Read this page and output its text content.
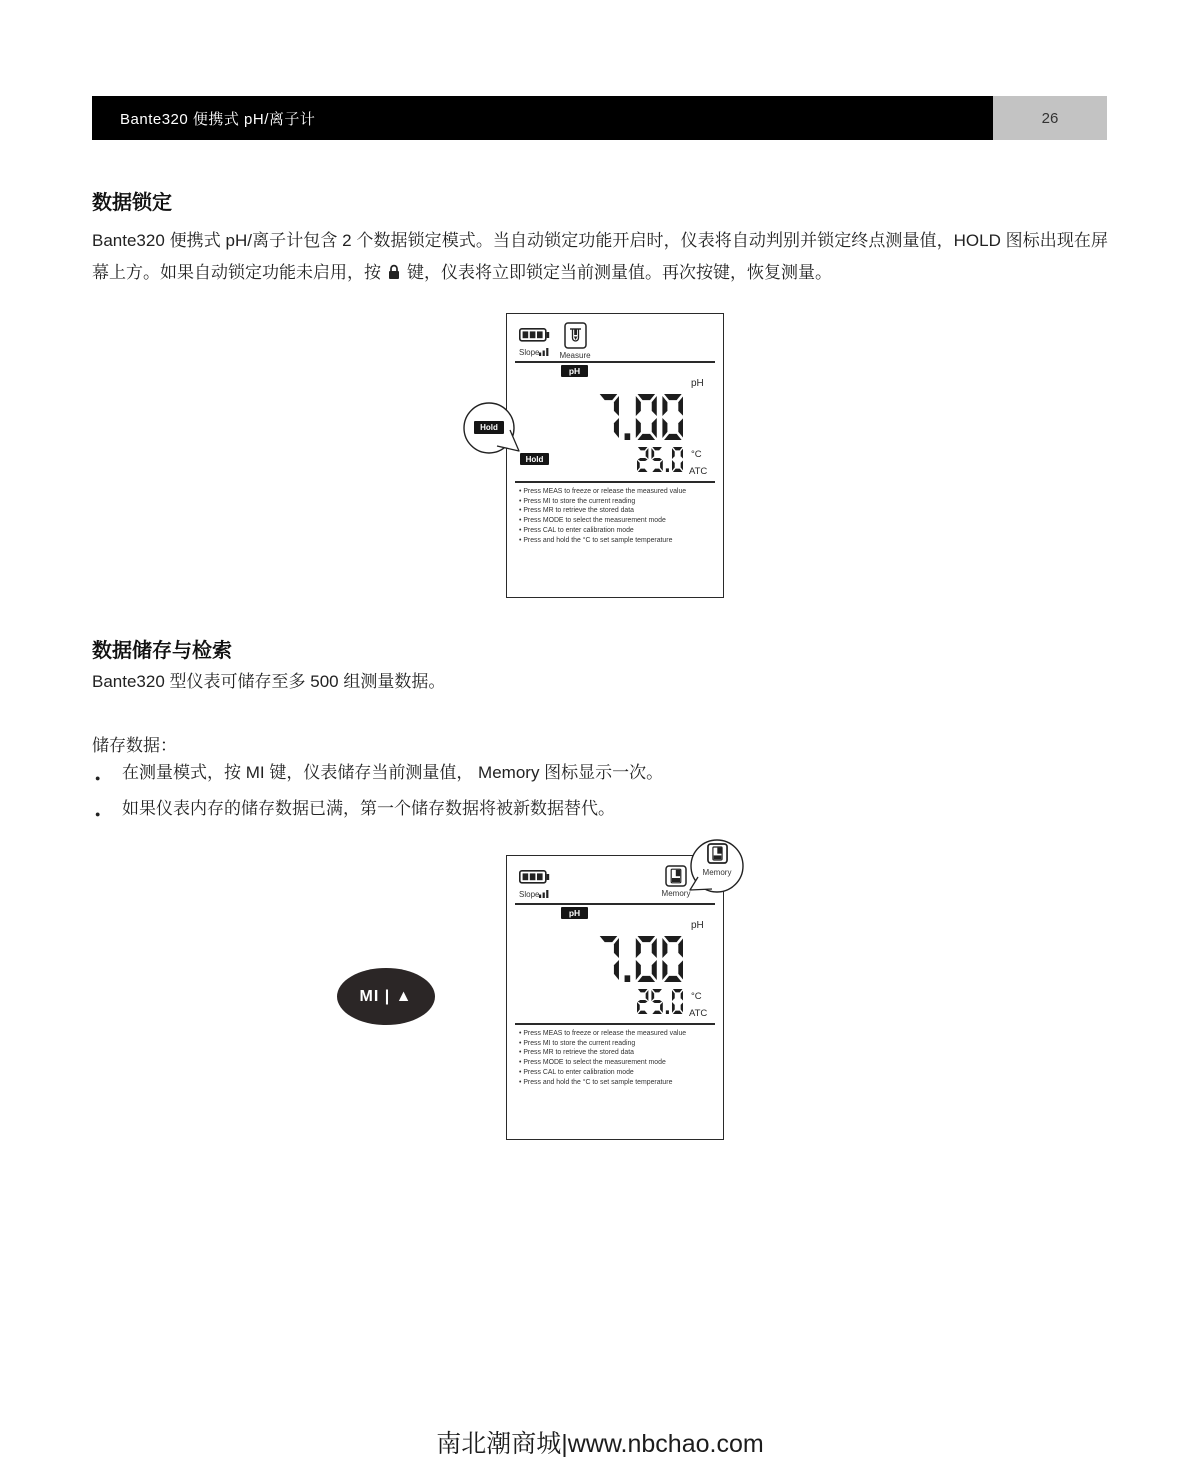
Bante320 便携式 pH/离子计	26
数据锁定
Bante320 便携式 pH/离子计包含 2 个数据锁定模式。当自动锁定功能开启时，仪表将自动判别并锁定终点测量值，HOLD 图标出现在屏幕上方。如果自动锁定功能未启用，按 键，仪表将立即锁定当前测量值。再次按键，恢复测量。
Slope	Measure
pH
pH
Hold	°C
ATC
• Press MEAS to freeze or release the measured value
• Press MI to store the current reading
• Press MR to retrieve the stored data
• Press MODE to select the measurement mode
• Press CAL to enter calibration mode
• Press and hold the °C to set sample temperature
Hold
数据储存与检索
Bante320 型仪表可储存至多 500 组测量数据。
储存数据：
●
在测量模式，按 MI 键，仪表储存当前测量值， Memory 图标显示一次。
●
如果仪表内存的储存数据已满，第一个储存数据将被新数据替代。
MI | ▲
Slope	Memory
pH
pH
°C
ATC
• Press MEAS to freeze or release the measured value
• Press MI to store the current reading
• Press MR to retrieve the stored data
• Press MODE to select the measurement mode
• Press CAL to enter calibration mode
• Press and hold the °C to set sample temperature
Memory
南北潮商城|www.nbchao.com
